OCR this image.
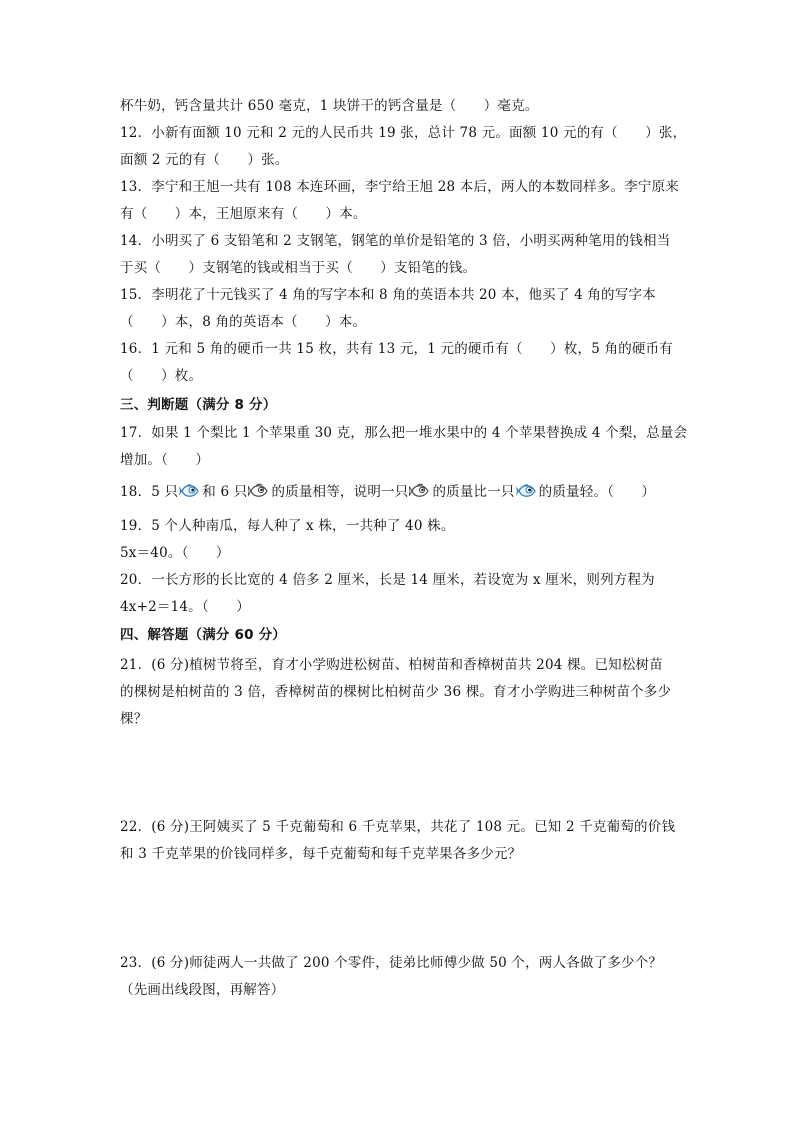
杯牛奶，钙含量共计 650 毫克，1 块饼干的钙含量是（　　）毫克。
12．小新有面额 10 元和 2 元的人民币共 19 张，总计 78 元。面额 10 元的有（　　）张，
面额 2 元的有（　　）张。
13．李宁和王旭一共有 108 本连环画，李宁给王旭 28 本后，两人的本数同样多。李宁原来
有（　　）本，王旭原来有（　　）本。
14．小明买了 6 支铅笔和 2 支钢笔，钢笔的单价是铅笔的 3 倍，小明买两种笔用的钱相当
于买（　　）支钢笔的钱或相当于买（　　）支铅笔的钱。
15．李明花了十元钱买了 4 角的写字本和 8 角的英语本共 20 本，他买了 4 角的写字本
（　　）本，8 角的英语本（　　）本。
16．1 元和 5 角的硬币一共 15 枚，共有 13 元，1 元的硬币有（　　）枚，5 角的硬币有
（　　）枚。
三、判断题（满分 8 分）
17．如果 1 个梨比 1 个苹果重 30 克，那么把一堆水果中的 4 个苹果替换成 4 个梨，总量会
增加。（　　）
18．5 只 和 6 只 的质量相等，说明一只 的质量比一只 的质量轻。（　　）
19．5 个人种南瓜，每人种了 x 株，一共种了 40 株。
5x＝40。（　　）
20．一长方形的长比宽的 4 倍多 2 厘米，长是 14 厘米，若设宽为 x 厘米，则列方程为
4x+2＝14。（　　）
四、解答题（满分 60 分）
21．(6 分)植树节将至，育才小学购进松树苗、柏树苗和香樟树苗共 204 棵。已知松树苗
的棵树是柏树苗的 3 倍，香樟树苗的棵树比柏树苗少 36 棵。育才小学购进三种树苗个多少
棵？
22．(6 分)王阿姨买了 5 千克葡萄和 6 千克苹果，共花了 108 元。已知 2 千克葡萄的价钱
和 3 千克苹果的价钱同样多，每千克葡萄和每千克苹果各多少元？
23．(6 分)师徒两人一共做了 200 个零件，徒弟比师傅少做 50 个，两人各做了多少个？
（先画出线段图，再解答）
